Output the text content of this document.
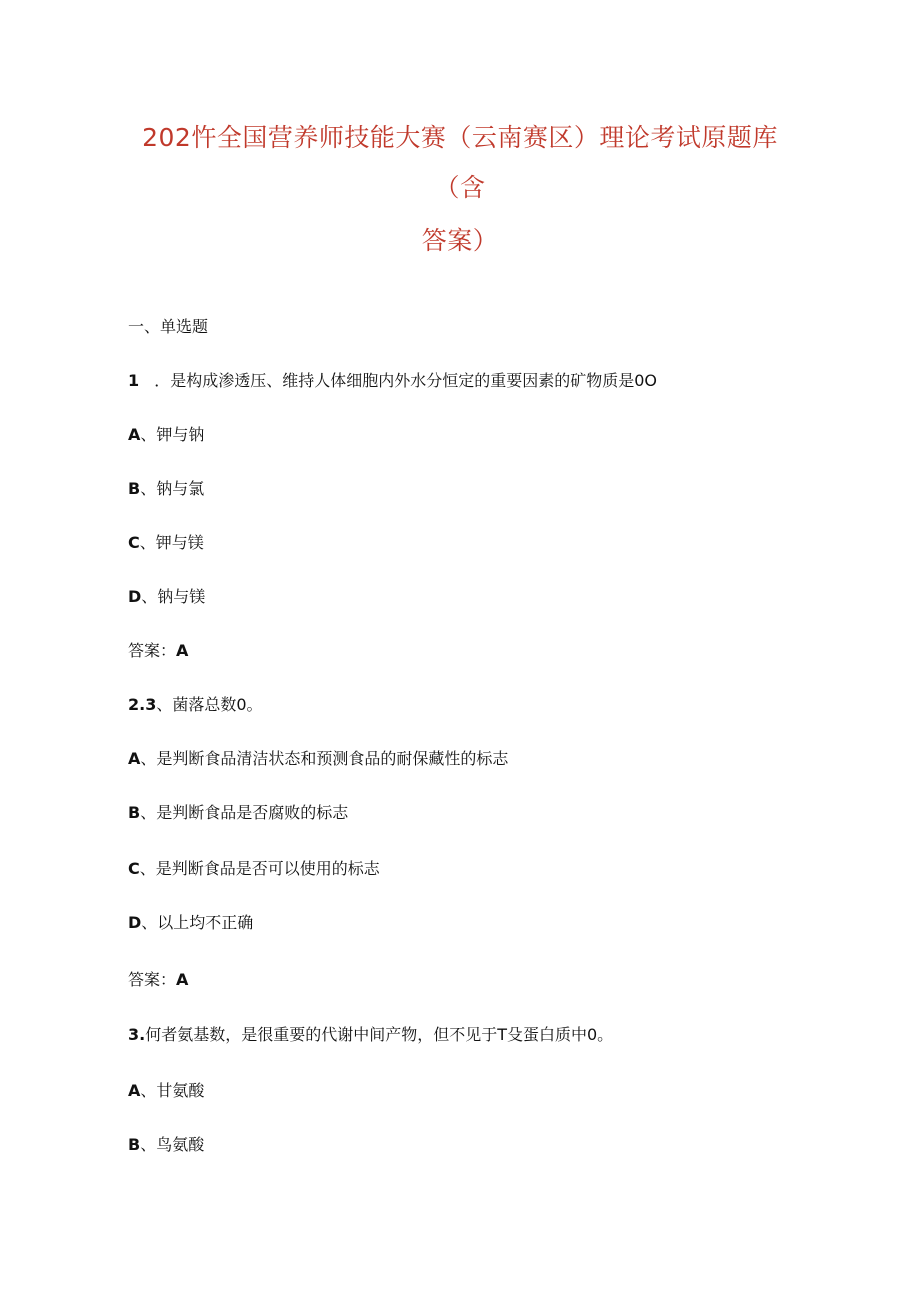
202忤全国营养师技能大赛（云南赛区）理论考试原题库
（含
答案）
一、单选题
1 ．是构成渗透压、维持人体细胞内外水分恒定的重要因素的矿物质是0O
A、钾与钠
B、钠与氯
C、钾与镁
D、钠与镁
答案：A
2.3、菌落总数0。
A、是判断食品清洁状态和预测食品的耐保藏性的标志
B、是判断食品是否腐败的标志
C、是判断食品是否可以使用的标志
D、以上均不正确
答案：A
3.何者氨基数，是很重要的代谢中间产物，但不见于T殳蛋白质中0。
A、甘氨酸
B、鸟氨酸
